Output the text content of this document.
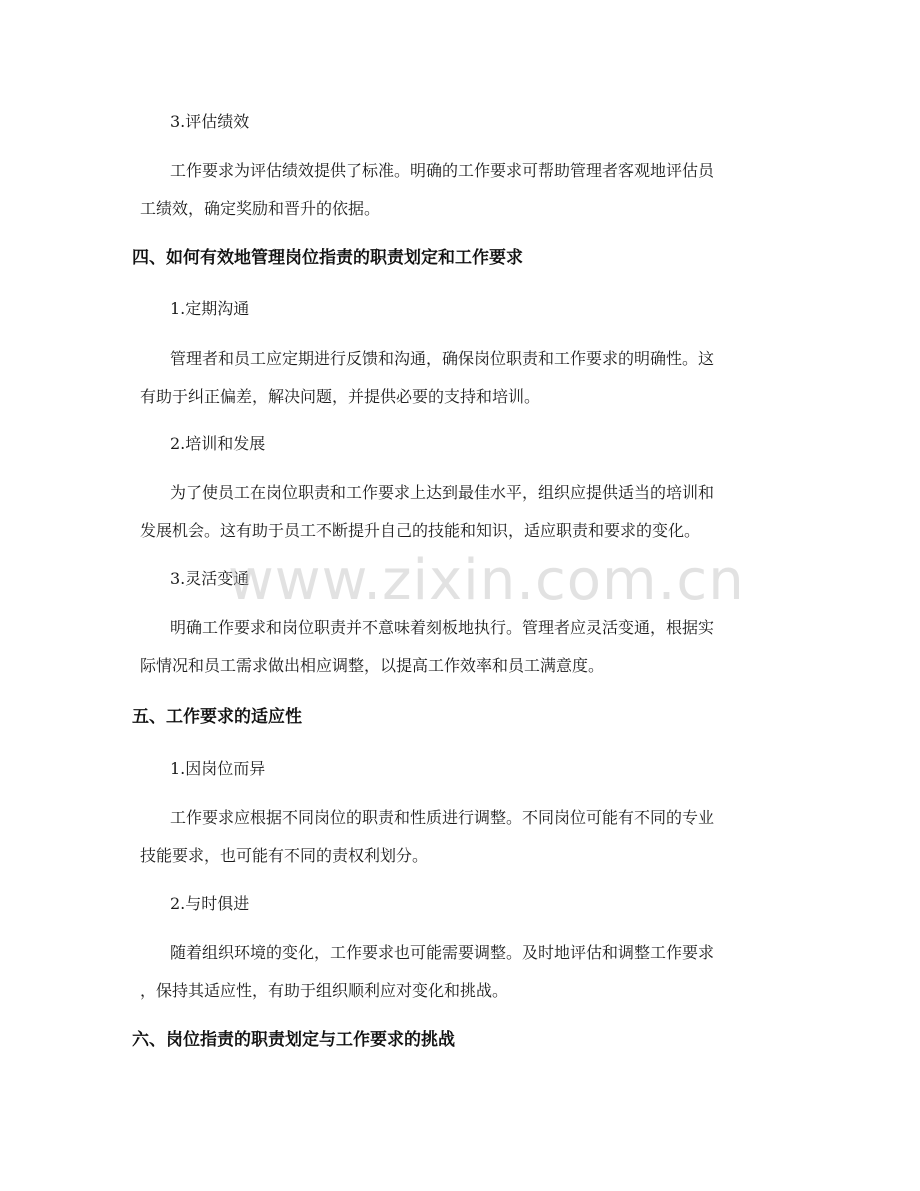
3.评估绩效
工作要求为评估绩效提供了标准。明确的工作要求可帮助管理者客观地评估员
工绩效，确定奖励和晋升的依据。
四、如何有效地管理岗位指责的职责划定和工作要求
1.定期沟通
管理者和员工应定期进行反馈和沟通，确保岗位职责和工作要求的明确性。这
有助于纠正偏差，解决问题，并提供必要的支持和培训。
2.培训和发展
为了使员工在岗位职责和工作要求上达到最佳水平，组织应提供适当的培训和
发展机会。这有助于员工不断提升自己的技能和知识，适应职责和要求的变化。
3.灵活变通
明确工作要求和岗位职责并不意味着刻板地执行。管理者应灵活变通，根据实
际情况和员工需求做出相应调整，以提高工作效率和员工满意度。
五、工作要求的适应性
1.因岗位而异
工作要求应根据不同岗位的职责和性质进行调整。不同岗位可能有不同的专业
技能要求，也可能有不同的责权利划分。
2.与时俱进
随着组织环境的变化，工作要求也可能需要调整。及时地评估和调整工作要求
，保持其适应性，有助于组织顺利应对变化和挑战。
六、岗位指责的职责划定与工作要求的挑战
www.zixin.com.cn
